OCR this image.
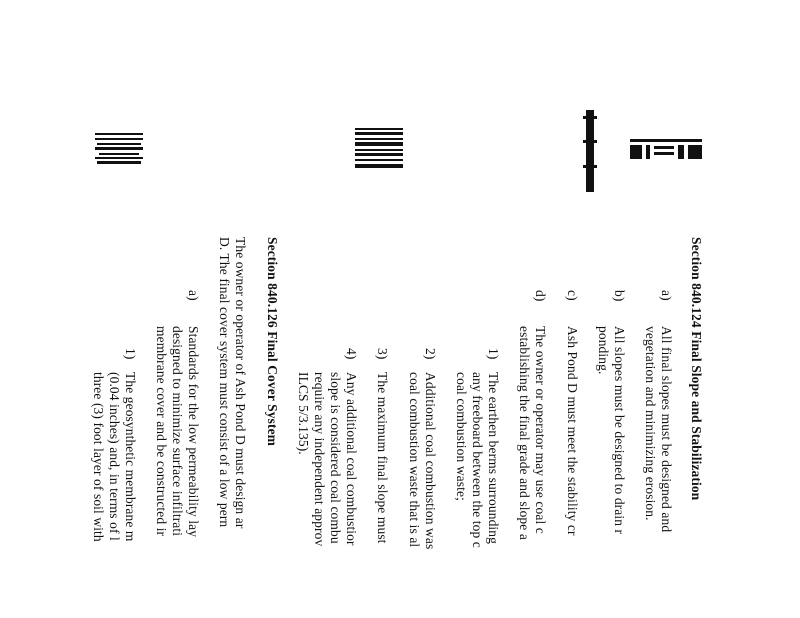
Section 840.124 Final Slope and Stabilization
a)
All final slopes must be designed and
vegetation and minimizing erosion.
b)
All slopes must be designed to drain r
ponding.
c)
Ash Pond D must meet the stability cr
d)
The owner or operator may use coal c
establishing the final grade and slope a
1)
The earthen berms surrounding
any freeboard between the top c
coal combustion waste;
2)
Additional coal combustion was
coal combustion waste that is al
3)
The maximum final slope must
4)
Any additional coal combustior
slope is considered coal combu
require any independent approv
ILCS 5/3.135).
Section 840.126 Final Cover System
The owner or operator of Ash Pond D must design ar
D. The final cover system must consist of a low pern
a)
Standards for the low permeability lay
designed to minimize surface infiltrati
membrane cover and be constructed ir
1)
The geosynthetic membrane m
(0.04 inches) and, in terms of l
three (3) foot layer of soil with
